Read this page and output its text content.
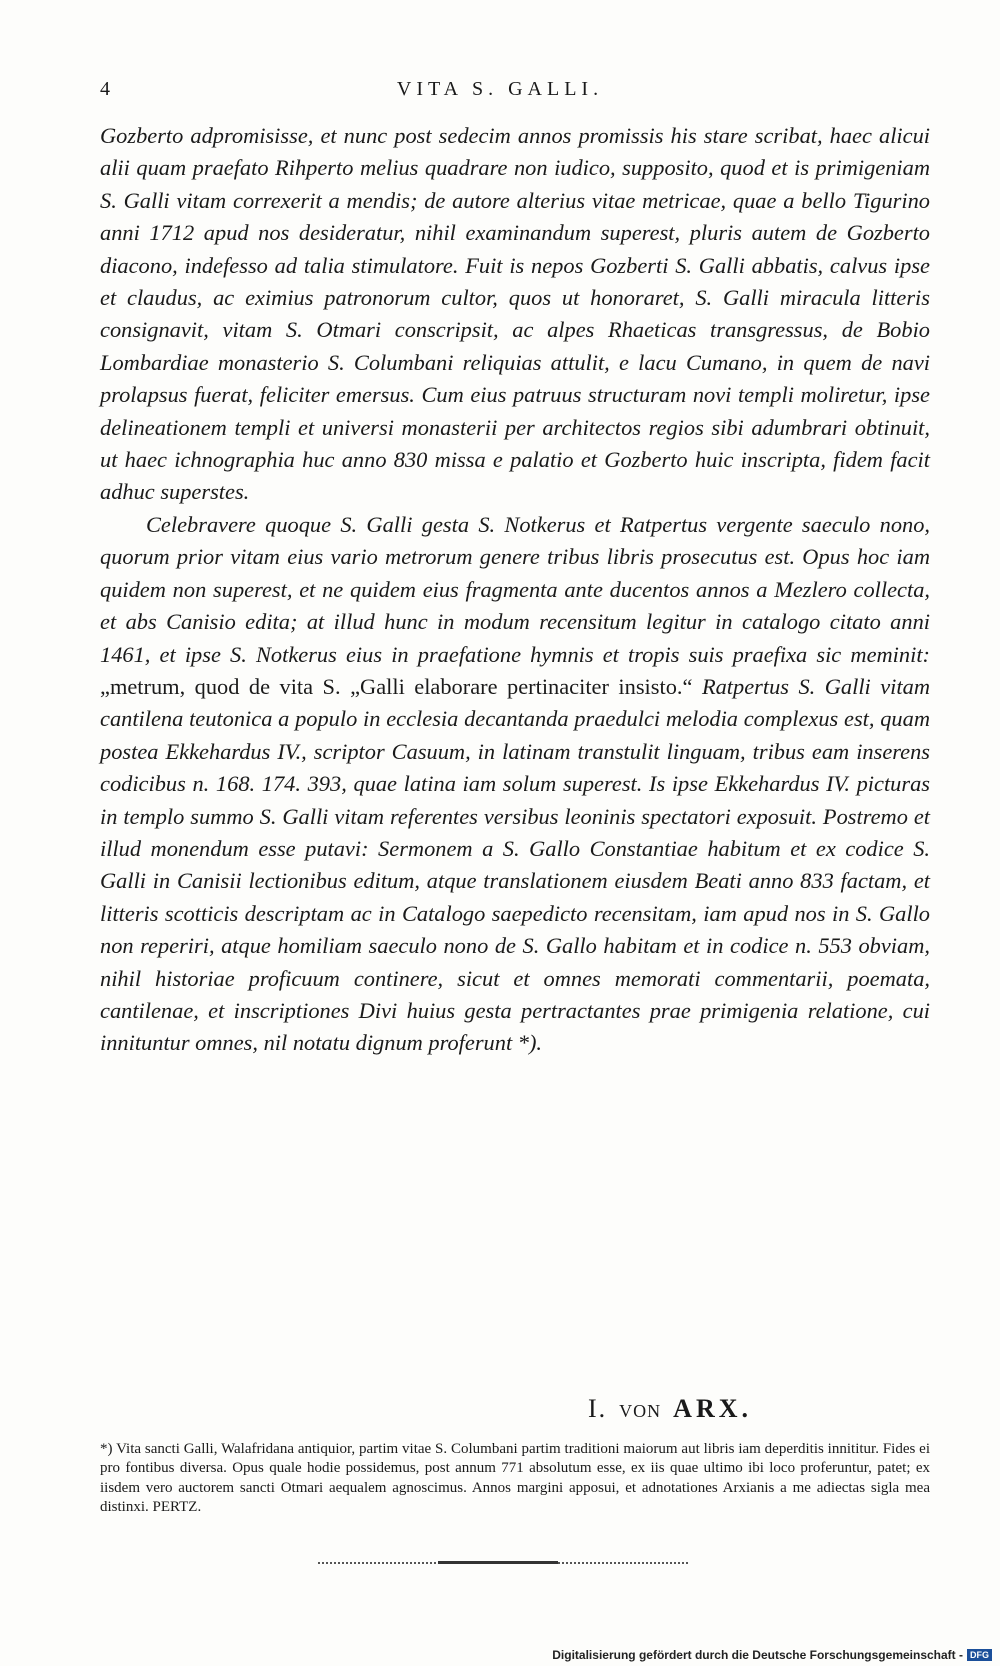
4	VITA S. GALLI.

Gozberto adpromisisse, et nunc post sedecim annos promissis his stare scribat, haec alicui alii quam praefato Rihperto melius quadrare non iudico, supposito, quod et is primigeniam S. Galli vitam correxerit a mendis; de autore alterius vitae metricae, quae a bello Tigurino anni 1712 apud nos desideratur, nihil examinandum superest, pluris autem de Gozberto diacono, indefesso ad talia stimulatore. Fuit is nepos Gozberti S. Galli abbatis, calvus ipse et claudus, ac eximius patronorum cultor, quos ut honoraret, S. Galli miracula litteris consignavit, vitam S. Otmari conscripsit, ac alpes Rhaeticas transgressus, de Bobio Lombardiae monasterio S. Columbani reliquias attulit, e lacu Cumano, in quem de navi prolapsus fuerat, feliciter emersus. Cum eius patruus structuram novi templi moliretur, ipse delineationem templi et universi monasterii per architectos regios sibi adumbrari obtinuit, ut haec ichnographia huc anno 830 missa e palatio et Gozberto huic inscripta, fidem facit adhuc superstes.

Celebravere quoque S. Galli gesta S. Notkerus et Ratpertus vergente saeculo nono, quorum prior vitam eius vario metrorum genere tribus libris prosecutus est. Opus hoc iam quidem non superest, et ne quidem eius fragmenta ante ducentos annos a Mezlero collecta, et abs Canisio edita; at illud hunc in modum recensitum legitur in catalogo citato anni 1461, et ipse S. Notkerus eius in praefatione hymnis et tropis suis praefixa sic meminit: „metrum, quod de vita S. „Galli elaborare pertinaciter insisto.“ Ratpertus S. Galli vitam cantilena teutonica a populo in ecclesia decantanda praedulci melodia complexus est, quam postea Ekkehardus IV., scriptor Casuum, in latinam transtulit linguam, tribus eam inserens codicibus n. 168. 174. 393, quae latina iam solum superest. Is ipse Ekkehardus IV. picturas in templo summo S. Galli vitam referentes versibus leoninis spectatori exposuit. Postremo et illud monendum esse putavi: Sermonem a S. Gallo Constantiae habitum et ex codice S. Galli in Canisii lectionibus editum, atque translationem eiusdem Beati anno 833 factam, et litteris scotticis descriptam ac in Catalogo saepedicto recensitam, iam apud nos in S. Gallo non reperiri, atque homiliam saeculo nono de S. Gallo habitam et in codice n. 553 obviam, nihil historiae proficuum continere, sicut et omnes memorati commentarii, poemata, cantilenae, et inscriptiones Divi huius gesta pertractantes prae primigenia relatione, cui innituntur omnes, nil notatu dignum proferunt *).

I. VON ARX.

*) Vita sancti Galli, Walafridana antiquior, partim vitae S. Columbani partim traditioni maiorum aut libris iam deperditis innititur. Fides ei pro fontibus diversa. Opus quale hodie possidemus, post annum 771 absolutum esse, ex iis quae ultimo ibi loco proferuntur, patet; ex iisdem vero auctorem sancti Otmari aequalem agnoscimus. Annos margini apposui, et adnotationes Arxianis a me adiectas sigla mea distinxi. PERTZ.

Digitalisierung gefördert durch die Deutsche Forschungsgemeinschaft - DFG
